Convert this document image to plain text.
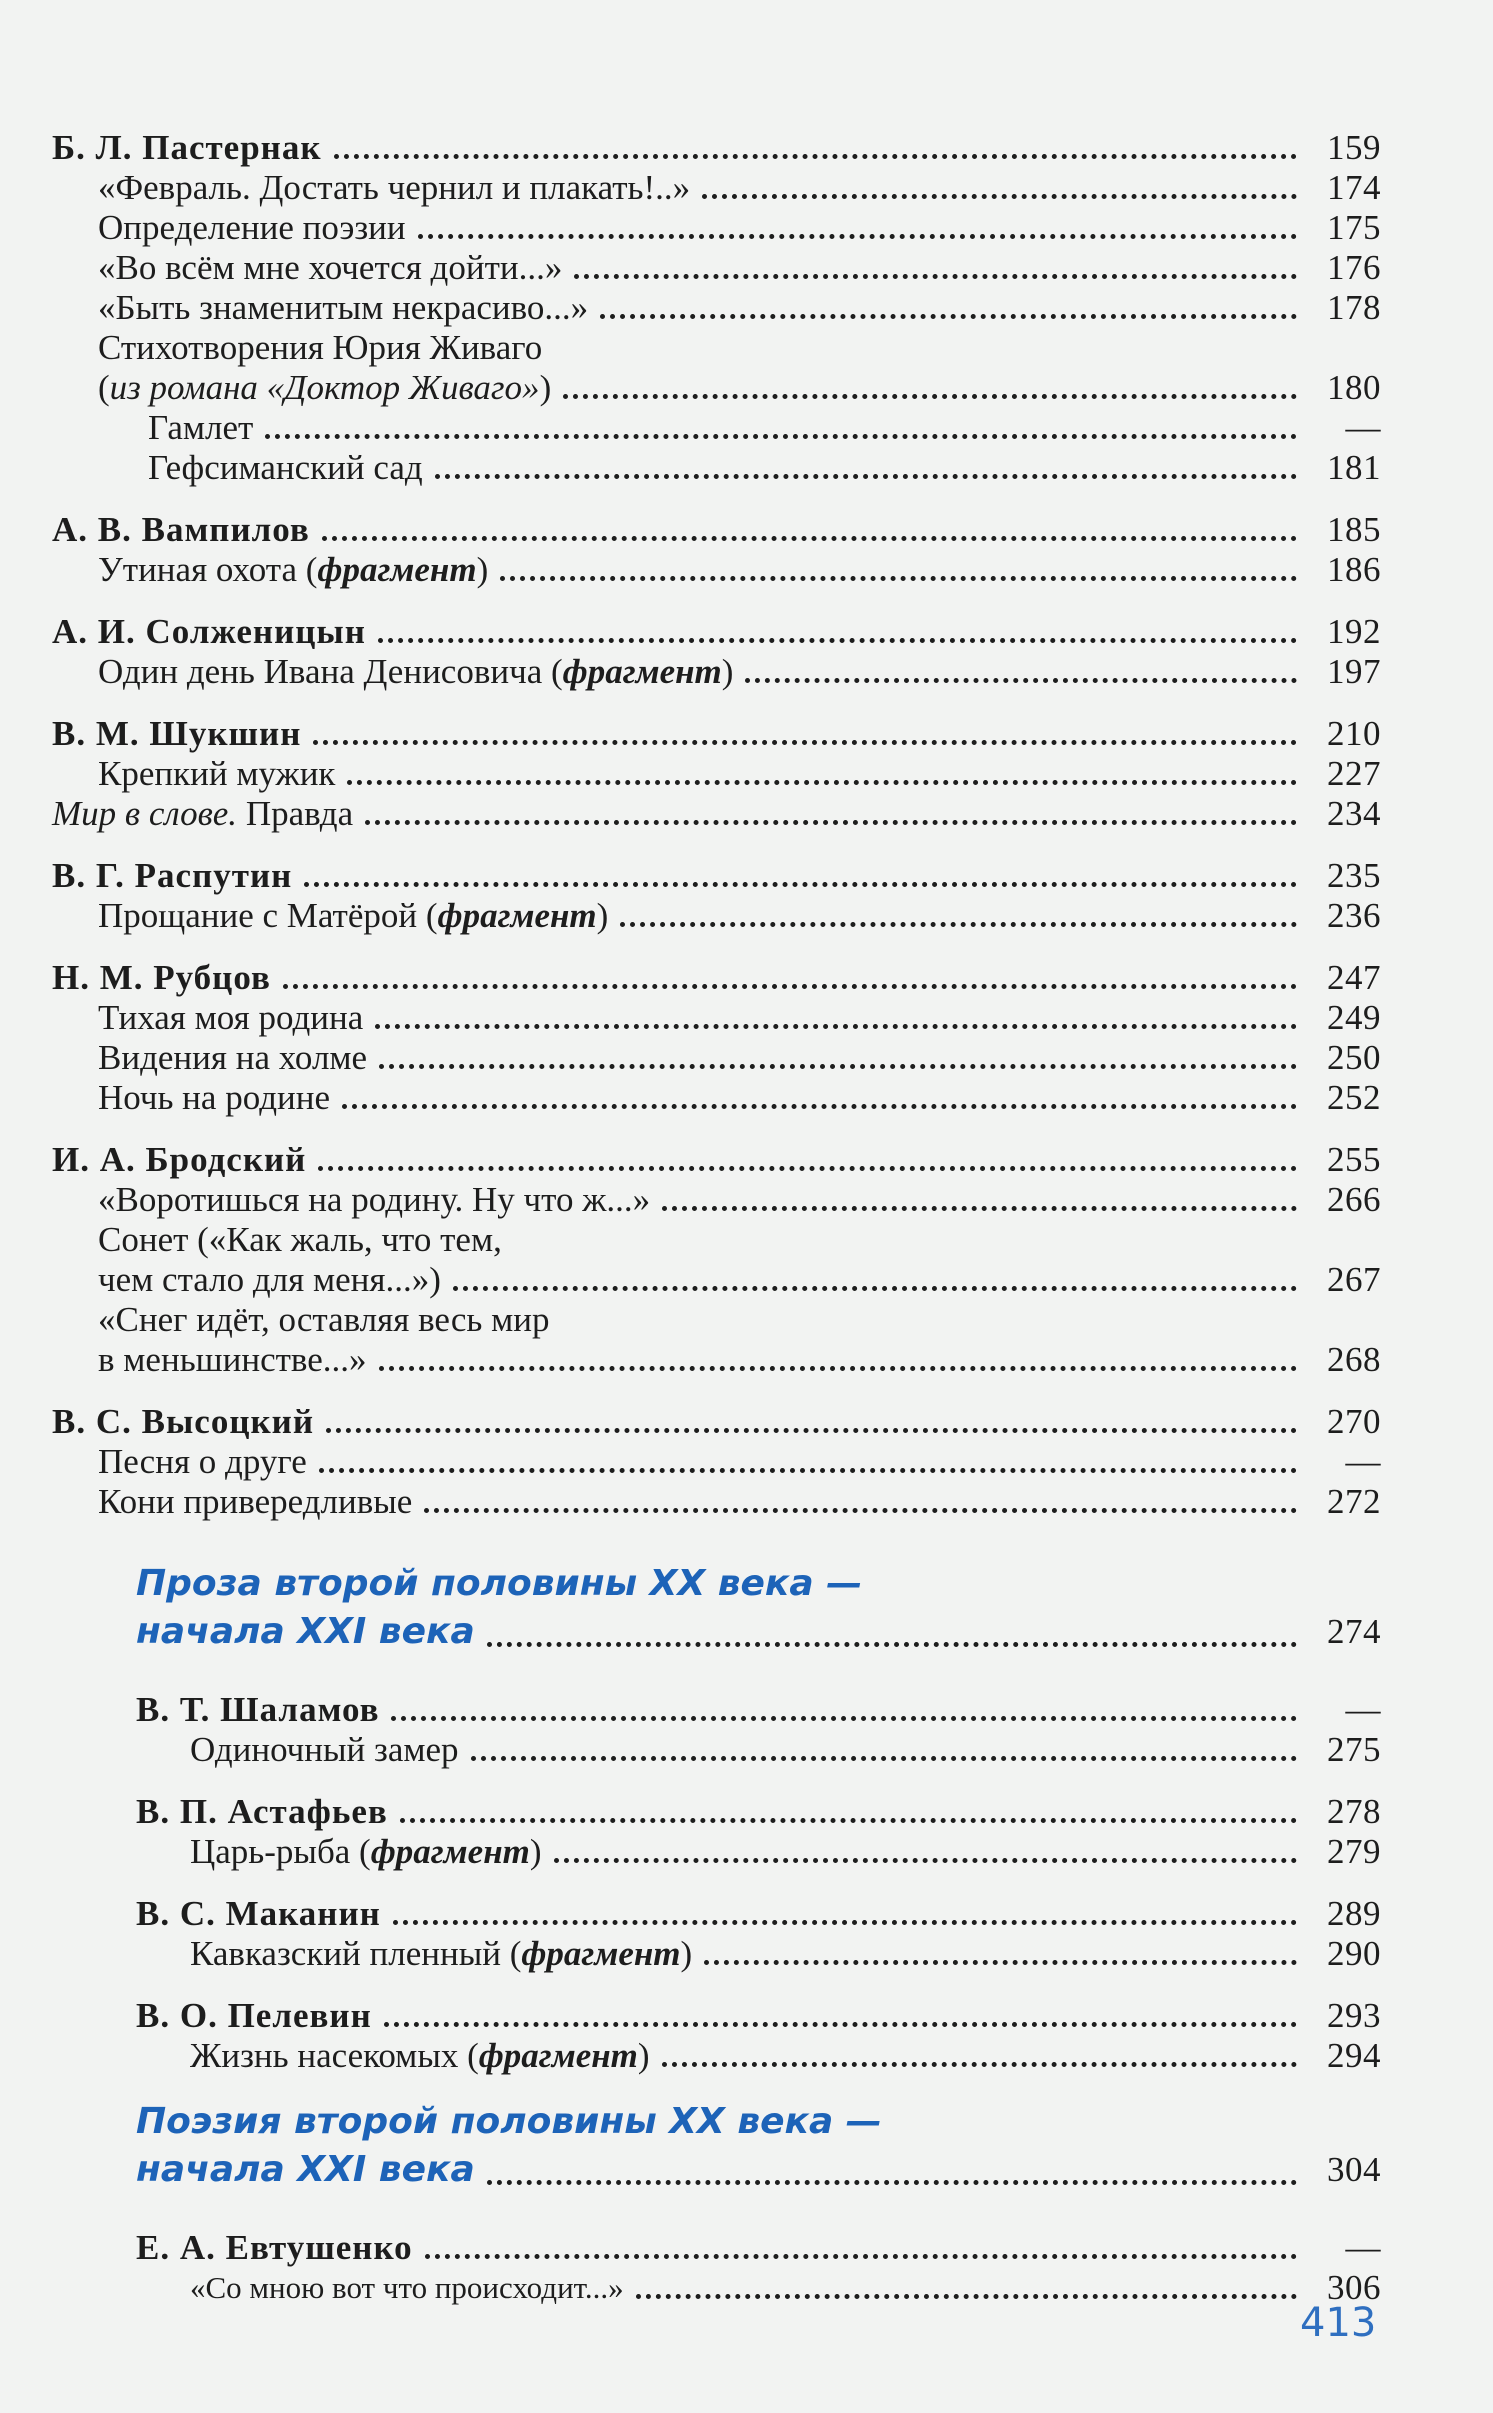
Б. Л. Пастернак	159
«Февраль. Достать чернил и плакать!..»	174
Определение поэзии	175
«Во всём мне хочется дойти...»	176
«Быть знаменитым некрасиво...»	178
Стихотворения Юрия Живаго
(из романа «Доктор Живаго»)	180
Гамлет	—
Гефсиманский сад	181
А. В. Вампилов	185
Утиная охота (фрагмент)	186
А. И. Солженицын	192
Один день Ивана Денисовича (фрагмент)	197
В. М. Шукшин	210
Крепкий мужик	227
Мир в слове. Правда	234
В. Г. Распутин	235
Прощание с Матёрой (фрагмент)	236
Н. М. Рубцов	247
Тихая моя родина	249
Видения на холме	250
Ночь на родине	252
И. А. Бродский	255
«Воротишься на родину. Ну что ж...»	266
Сонет («Как жаль, что тем,
чем стало для меня...»)	267
«Снег идёт, оставляя весь мир
в меньшинстве...»	268
В. С. Высоцкий	270
Песня о друге	—
Кони привередливые	272
Проза второй половины XX века —
начала XXI века	274
В. Т. Шаламов	—
Одиночный замер	275
В. П. Астафьев	278
Царь-рыба (фрагмент)	279
В. С. Маканин	289
Кавказский пленный (фрагмент)	290
В. О. Пелевин	293
Жизнь насекомых (фрагмент)	294
Поэзия второй половины XX века —
начала XXI века	304
Е. А. Евтушенко	—
«Со мною вот что происходит...»	306
413
